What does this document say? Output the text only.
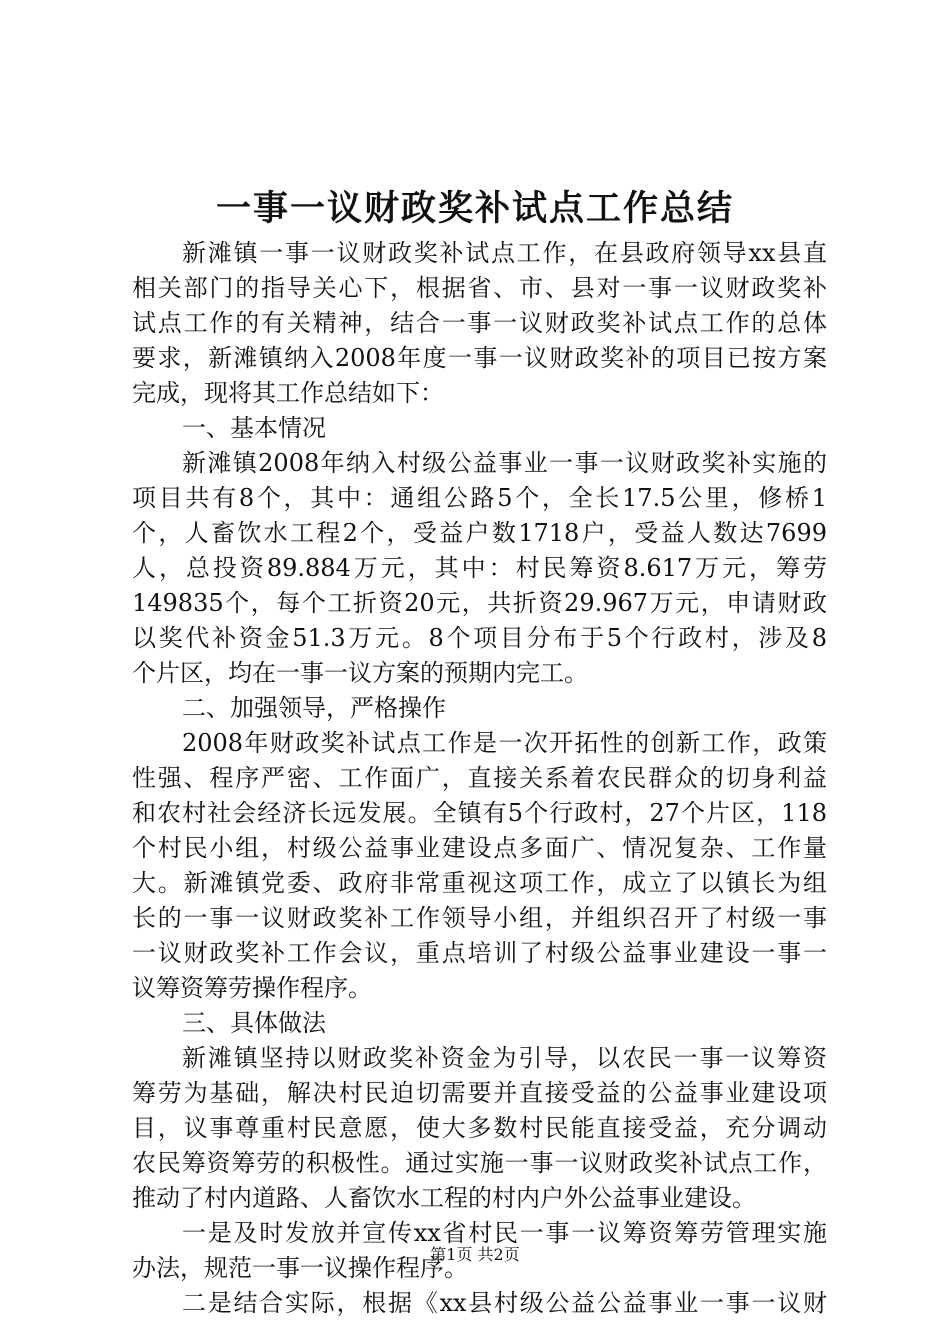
一事一议财政奖补试点工作总结
新滩镇一事一议财政奖补试点工作，在县政府领导xx县直
相关部门的指导关心下，根据省、市、县对一事一议财政奖补
试点工作的有关精神，结合一事一议财政奖补试点工作的总体
要求，新滩镇纳入2008年度一事一议财政奖补的项目已按方案
完成，现将其工作总结如下：
一、基本情况
新滩镇2008年纳入村级公益事业一事一议财政奖补实施的
项目共有8个，其中：通组公路5个，全长17.5公里，修桥1
个，人畜饮水工程2个，受益户数1718户，受益人数达7699
人，总投资89.884万元，其中：村民筹资8.617万元，筹劳
149835个，每个工折资20元，共折资29.967万元，申请财政
以奖代补资金51.3万元。8个项目分布于5个行政村，涉及8
个片区，均在一事一议方案的预期内完工。
二、加强领导，严格操作
2008年财政奖补试点工作是一次开拓性的创新工作，政策
性强、程序严密、工作面广，直接关系着农民群众的切身利益
和农村社会经济长远发展。全镇有5个行政村，27个片区，118
个村民小组，村级公益事业建设点多面广、情况复杂、工作量
大。新滩镇党委、政府非常重视这项工作，成立了以镇长为组
长的一事一议财政奖补工作领导小组，并组织召开了村级一事
一议财政奖补工作会议，重点培训了村级公益事业建设一事一
议筹资筹劳操作程序。
三、具体做法
新滩镇坚持以财政奖补资金为引导，以农民一事一议筹资
筹劳为基础，解决村民迫切需要并直接受益的公益事业建设项
目，议事尊重村民意愿，使大多数村民能直接受益，充分调动
农民筹资筹劳的积极性。通过实施一事一议财政奖补试点工作，
推动了村内道路、人畜饮水工程的村内户外公益事业建设。
一是及时发放并宣传xx省村民一事一议筹资筹劳管理实施
办法，规范一事一议操作程序。
二是结合实际，根据《xx县村级公益公益事业一事一议财
第1页 共2页
